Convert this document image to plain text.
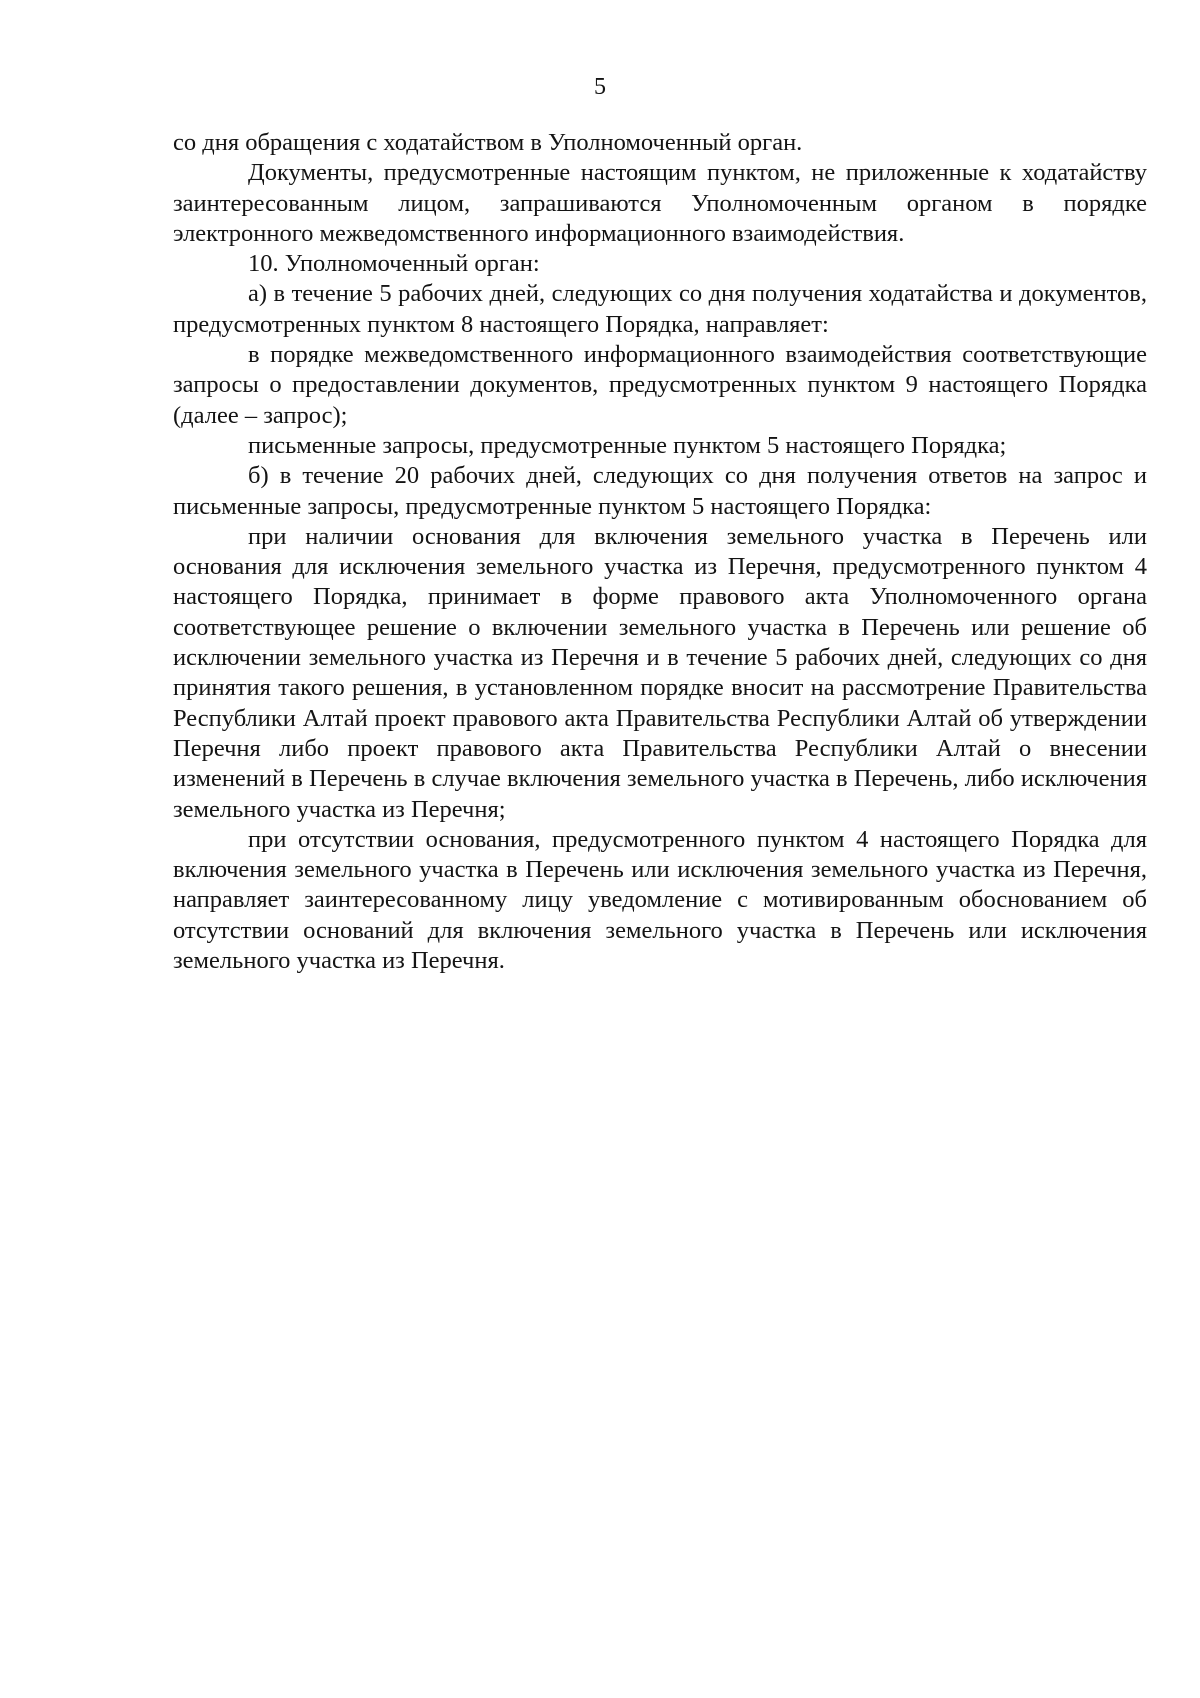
5

со дня обращения с ходатайством в Уполномоченный орган.

Документы, предусмотренные настоящим пунктом, не приложенные к ходатайству заинтересованным лицом, запрашиваются Уполномоченным органом в порядке электронного межведомственного информационного взаимодействия.

10. Уполномоченный орган:

а) в течение 5 рабочих дней, следующих со дня получения ходатайства и документов, предусмотренных пунктом 8 настоящего Порядка, направляет:

в порядке межведомственного информационного взаимодействия соответствующие запросы о предоставлении документов, предусмотренных пунктом 9 настоящего Порядка (далее – запрос);

письменные запросы, предусмотренные пунктом 5 настоящего Порядка;

б) в течение 20 рабочих дней, следующих со дня получения ответов на запрос и письменные запросы, предусмотренные пунктом 5 настоящего Порядка:

при наличии основания для включения земельного участка в Перечень или основания для исключения земельного участка из Перечня, предусмотренного пунктом 4 настоящего Порядка, принимает в форме правового акта Уполномоченного органа соответствующее решение о включении земельного участка в Перечень или решение об исключении земельного участка из Перечня и в течение 5 рабочих дней, следующих со дня принятия такого решения, в установленном порядке вносит на рассмотрение Правительства Республики Алтай проект правового акта Правительства Республики Алтай об утверждении Перечня либо проект правового акта Правительства Республики Алтай о внесении изменений в Перечень в случае включения земельного участка в Перечень, либо исключения земельного участка из Перечня;

при отсутствии основания, предусмотренного пунктом 4 настоящего Порядка для включения земельного участка в Перечень или исключения земельного участка из Перечня, направляет заинтересованному лицу уведомление с мотивированным обоснованием об отсутствии оснований для включения земельного участка в Перечень или исключения земельного участка из Перечня.
